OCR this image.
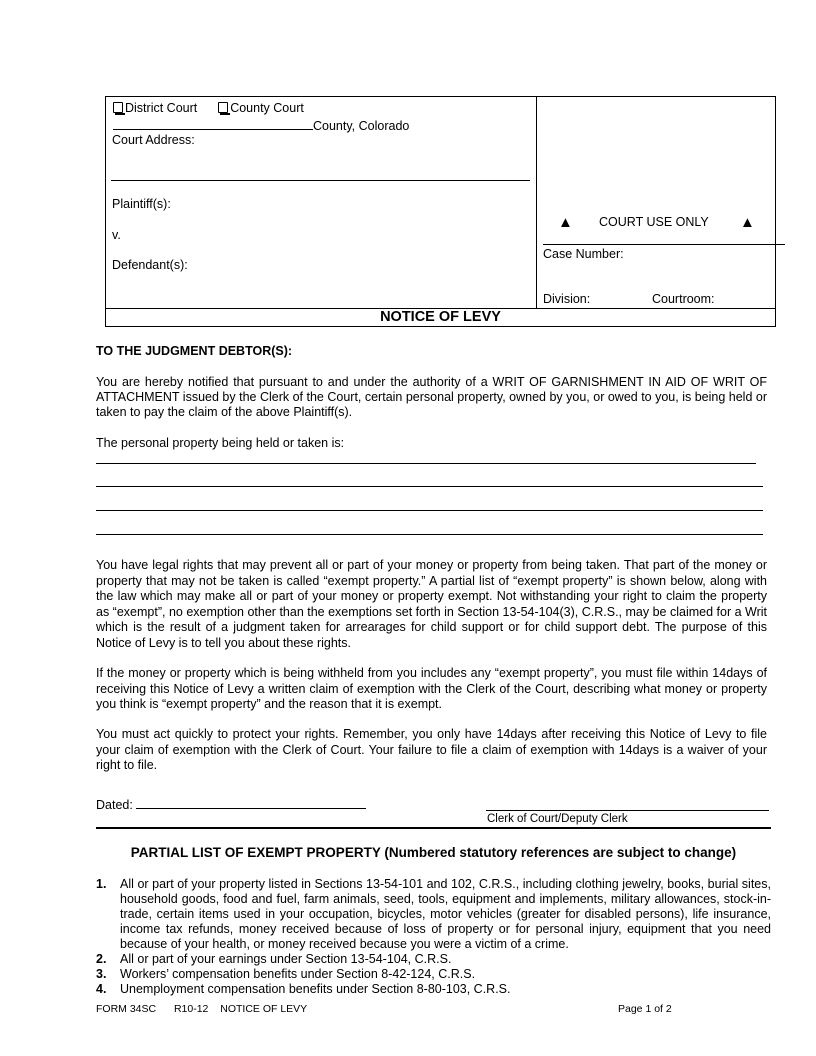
District Court	County Court
County, Colorado
Court Address:
Plaintiff(s):
v.
Defendant(s):
▲ COURT USE ONLY ▲
Case Number:
Division:	Courtroom:
NOTICE OF LEVY
TO THE JUDGMENT DEBTOR(S):
You are hereby notified that pursuant to and under the authority of a WRIT OF GARNISHMENT IN AID OF WRIT OF ATTACHMENT issued by the Clerk of the Court, certain personal property, owned by you, or owed to you, is being held or taken to pay the claim of the above Plaintiff(s).
The personal property being held or taken is:
You have legal rights that may prevent all or part of your money or property from being taken. That part of the money or property that may not be taken is called “exempt property.” A partial list of “exempt property” is shown below, along with the law which may make all or part of your money or property exempt. Not withstanding your right to claim the property as “exempt”, no exemption other than the exemptions set forth in Section 13-54-104(3), C.R.S., may be claimed for a Writ which is the result of a judgment taken for arrearages for child support or for child support debt. The purpose of this Notice of Levy is to tell you about these rights.
If the money or property which is being withheld from you includes any “exempt property”, you must file within 14days of receiving this Notice of Levy a written claim of exemption with the Clerk of the Court, describing what money or property you think is “exempt property” and the reason that it is exempt.
You must act quickly to protect your rights. Remember, you only have 14days after receiving this Notice of Levy to file your claim of exemption with the Clerk of Court. Your failure to file a claim of exemption with 14days is a waiver of your right to file.
Dated:
Clerk of Court/Deputy Clerk
PARTIAL LIST OF EXEMPT PROPERTY (Numbered statutory references are subject to change)
1.	All or part of your property listed in Sections 13-54-101 and 102, C.R.S., including clothing jewelry, books, burial sites, household goods, food and fuel, farm animals, seed, tools, equipment and implements, military allowances, stock-in-trade, certain items used in your occupation, bicycles, motor vehicles (greater for disabled persons), life insurance, income tax refunds, money received because of loss of property or for personal injury, equipment that you need because of your health, or money received because you were a victim of a crime.
2.	All or part of your earnings under Section 13-54-104, C.R.S.
3.	Workers’ compensation benefits under Section 8-42-124, C.R.S.
4.	Unemployment compensation benefits under Section 8-80-103, C.R.S.
FORM 34SC R10-12 NOTICE OF LEVY	Page 1 of 2
